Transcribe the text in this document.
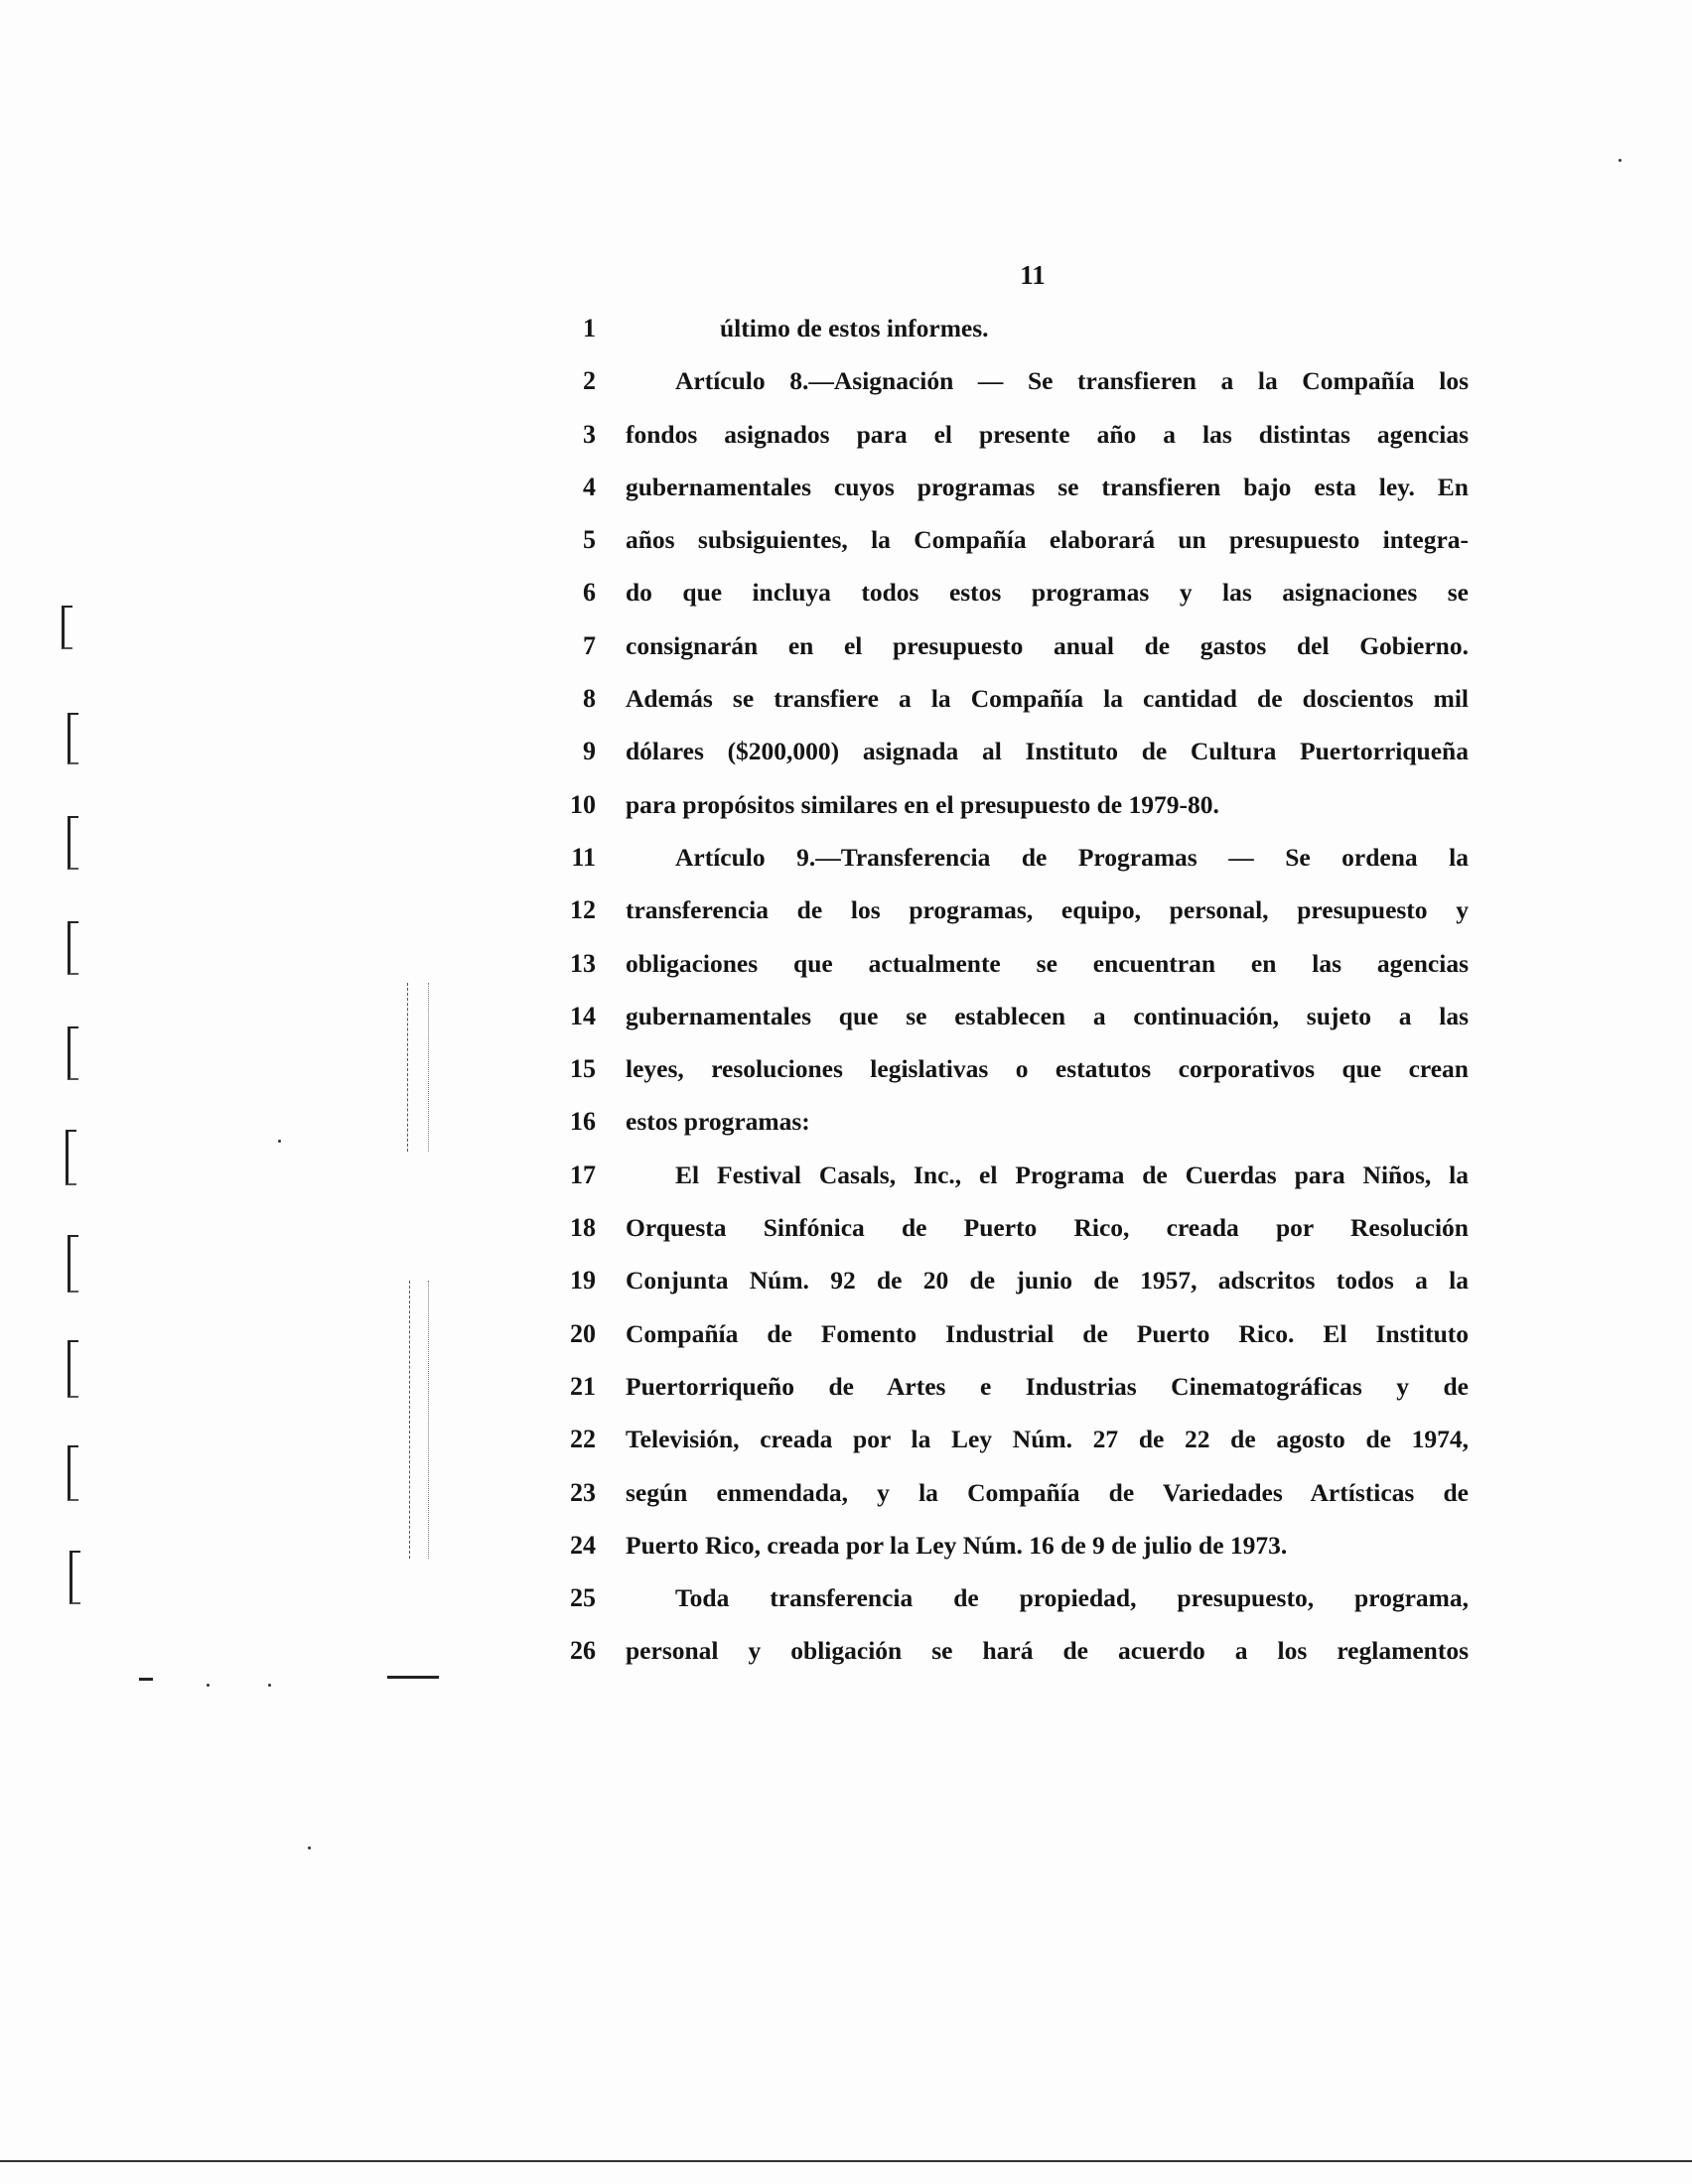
11
1	último de estos informes.
2	Artículo 8.—Asignación — Se transfieren a la Compañía los
3 fondos asignados para el presente año a las distintas agencias
4 gubernamentales cuyos programas se transfieren bajo esta ley. En
5 años subsiguientes, la Compañía elaborará un presupuesto integra-
6 do que incluya todos estos programas y las asignaciones se
7 consignarán en el presupuesto anual de gastos del Gobierno.
8 Además se transfiere a la Compañía la cantidad de doscientos mil
9 dólares ($200,000) asignada al Instituto de Cultura Puertorriqueña
10 para propósitos similares en el presupuesto de 1979-80.
11	Artículo 9.—Transferencia de Programas — Se ordena la
12 transferencia de los programas, equipo, personal, presupuesto y
13 obligaciones que actualmente se encuentran en las agencias
14 gubernamentales que se establecen a continuación, sujeto a las
15 leyes, resoluciones legislativas o estatutos corporativos que crean
16 estos programas:
17	El Festival Casals, Inc., el Programa de Cuerdas para Niños, la
18 Orquesta Sinfónica de Puerto Rico, creada por Resolución
19 Conjunta Núm. 92 de 20 de junio de 1957, adscritos todos a la
20 Compañía de Fomento Industrial de Puerto Rico. El Instituto
21 Puertorriqueño de Artes e Industrias Cinematográficas y de
22 Televisión, creada por la Ley Núm. 27 de 22 de agosto de 1974,
23 según enmendada, y la Compañía de Variedades Artísticas de
24 Puerto Rico, creada por la Ley Núm. 16 de 9 de julio de 1973.
25	Toda transferencia de propiedad, presupuesto, programa,
26 personal y obligación se hará de acuerdo a los reglamentos
